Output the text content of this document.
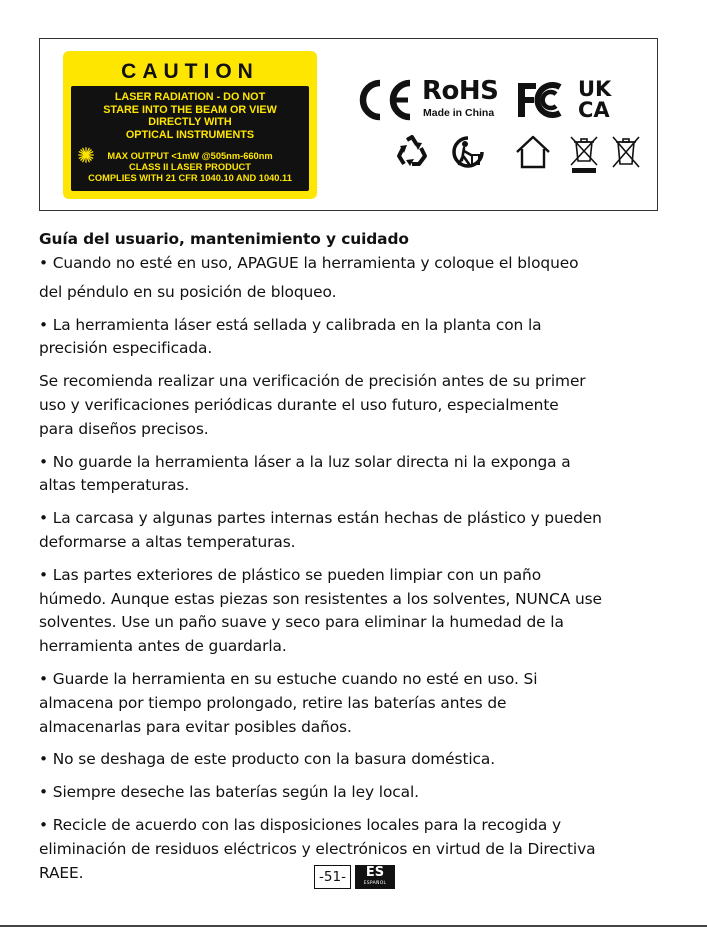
CAUTION
LASER RADIATION - DO NOT
STARE INTO THE BEAM OR VIEW
DIRECTLY WITH
OPTICAL INSTRUMENTS
MAX OUTPUT <1mW @505nm-660nm
CLASS II LASER PRODUCT
COMPLIES WITH 21 CFR 1040.10 AND 1040.11
RoHS
Made in China
UK
CA
Guía del usuario, mantenimiento y cuidado

• Cuando no esté en uso, APAGUE la herramienta y coloque el bloqueo

del péndulo en su posición de bloqueo.

• La herramienta láser está sellada y calibrada en la planta con la

precisión especificada.

Se recomienda realizar una verificación de precisión antes de su primer

uso y verificaciones periódicas durante el uso futuro, especialmente

para diseños precisos.

• No guarde la herramienta láser a la luz solar directa ni la exponga a

altas temperaturas.

• La carcasa y algunas partes internas están hechas de plástico y pueden

deformarse a altas temperaturas.

• Las partes exteriores de plástico se pueden limpiar con un paño

húmedo. Aunque estas piezas son resistentes a los solventes, NUNCA use

solventes. Use un paño suave y seco para eliminar la humedad de la

herramienta antes de guardarla.

• Guarde la herramienta en su estuche cuando no esté en uso. Si

almacena por tiempo prolongado, retire las baterías antes de

almacenarlas para evitar posibles daños.

• No se deshaga de este producto con la basura doméstica.

• Siempre deseche las baterías según la ley local.

• Recicle de acuerdo con las disposiciones locales para la recogida y

eliminación de residuos eléctricos y electrónicos en virtud de la Directiva

RAEE.	-51-	ES
ESPAÑOL
